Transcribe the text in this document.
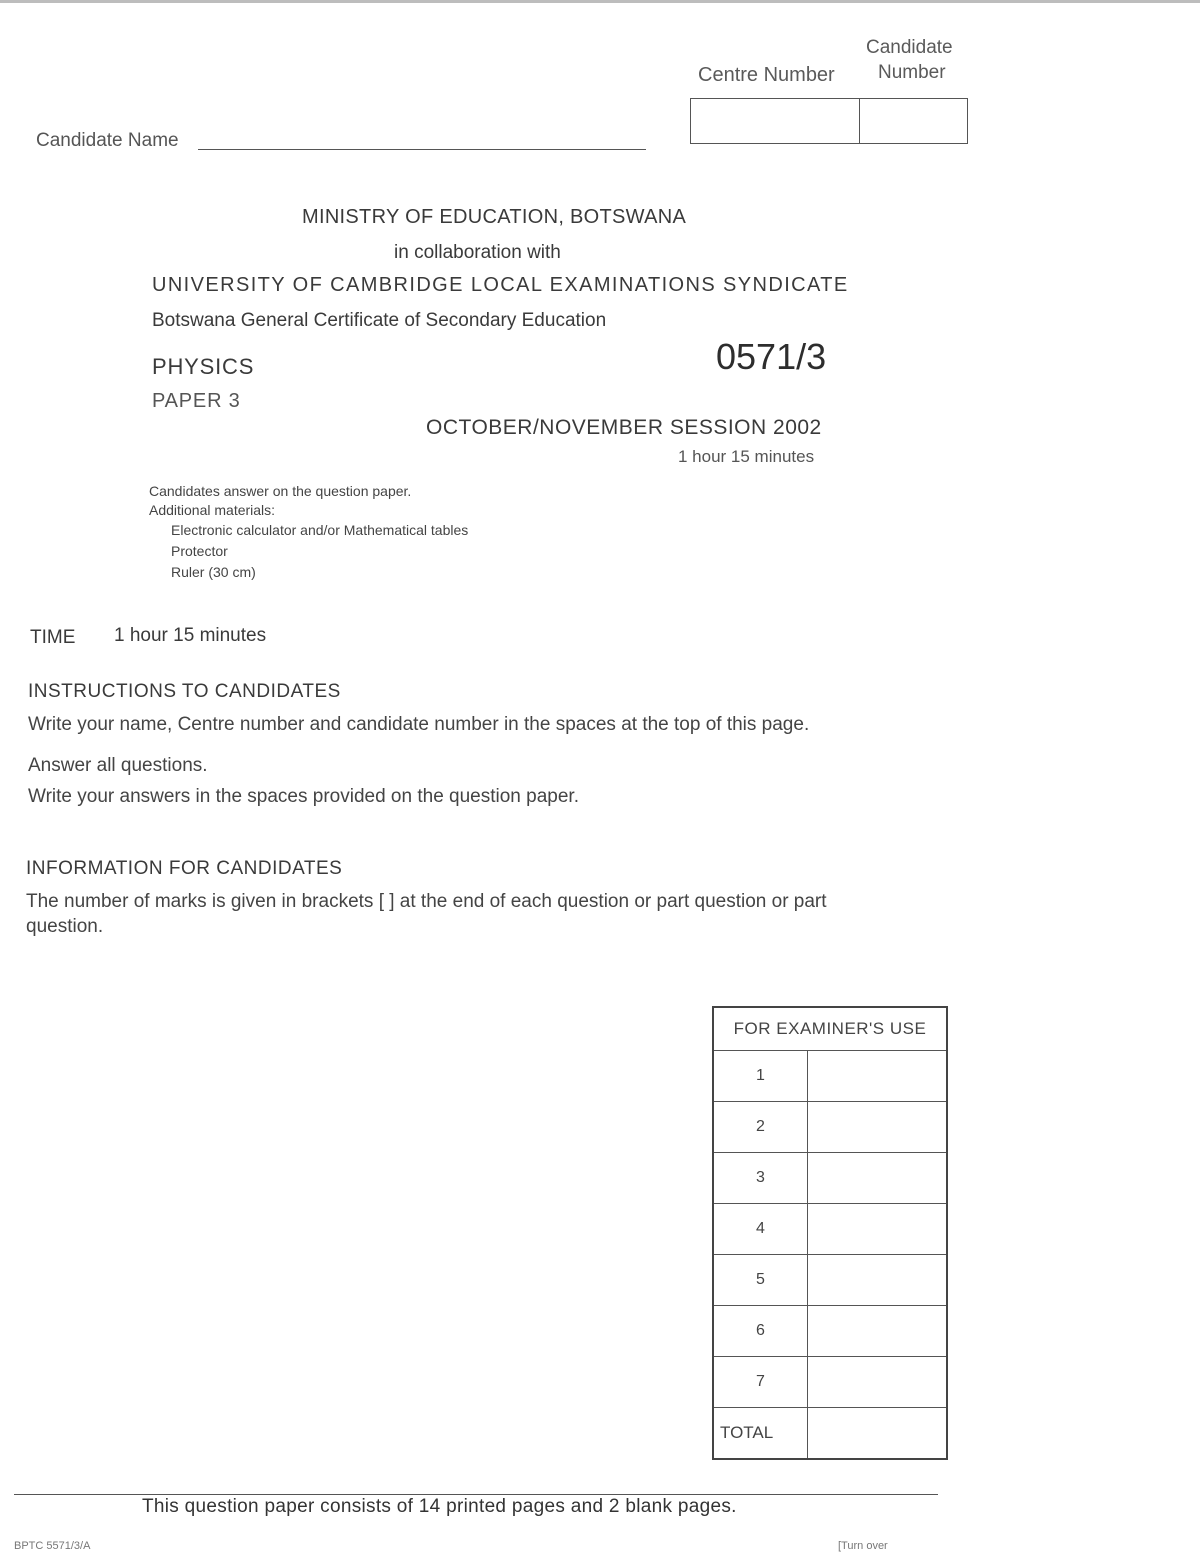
Centre Number
Candidate
Number
Candidate Name
MINISTRY OF EDUCATION, BOTSWANA
in collaboration with
UNIVERSITY OF CAMBRIDGE LOCAL EXAMINATIONS SYNDICATE
Botswana General Certificate of Secondary Education
0571/3
PHYSICS
PAPER 3
OCTOBER/NOVEMBER SESSION 2002
1 hour 15 minutes
Candidates answer on the question paper.
Additional materials:
Electronic calculator and/or Mathematical tables
Protector
Ruler (30 cm)
TIME 1 hour 15 minutes
INSTRUCTIONS TO CANDIDATES
Write your name, Centre number and candidate number in the spaces at the top of this page.
Answer all questions.
Write your answers in the spaces provided on the question paper.
INFORMATION FOR CANDIDATES
The number of marks is given in brackets [ ] at the end of each question or part question or part question.
FOR EXAMINER'S USE	
1	
2	
3	
4	
5	
6	
7	
TOTAL	
This question paper consists of 14 printed pages and 2 blank pages.
BPTC 5571/3/A	[Turn over
